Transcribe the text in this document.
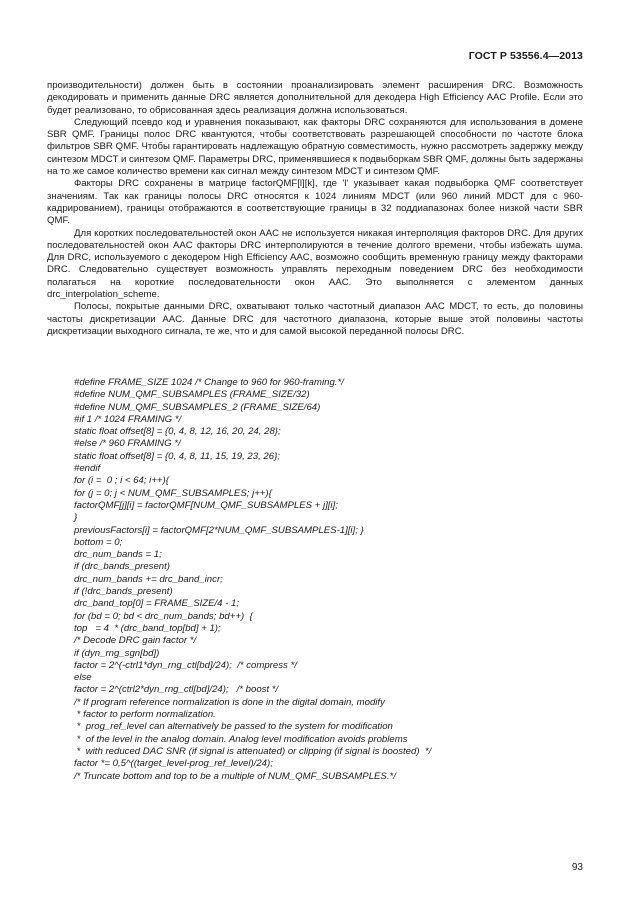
ГОСТ Р 53556.4—2013

производительности) должен быть в состоянии проанализировать элемент расширения DRC. Возможность декодировать и применить данные DRC является дополнительной для декодера High Efficiency AAC Profile. Если это будет реализовано, то обрисованная здесь реализация должна использоваться.

Следующий псевдо код и уравнения показывают, как факторы DRC сохраняются для использования в домене SBR QMF. Границы полос DRC квантуются, чтобы соответствовать разрешающей способности по частоте блока фильтров SBR QMF. Чтобы гарантировать надлежащую обратную совместимость, нужно рассмотреть задержку между синтезом MDCT и синтезом QMF. Параметры DRC, применявшиеся к подвыборкам SBR QMF, должны быть задержаны на то же самое количество времени как сигнал между синтезом MDCT и синтезом QMF.

Факторы DRC сохранены в матрице factorQMF[l][k], где 'l' указывает какая подвыборка QMF соответствует значениям. Так как границы полосы DRC относятся к 1024 линиям MDCT (или 960 линий MDCT для с 960-кадрированием), границы отображаются в соответствующие границы в 32 поддиапазонах более низкой части SBR QMF.

Для коротких последовательностей окон AAC не используется никакая интерполяция факторов DRC. Для других последовательностей окон AAC факторы DRC интерполируются в течение долгого времени, чтобы избежать шума. Для DRC, используемого с декодером High Efficiency AAC, возможно сообщить временную границу между факторами DRC. Следовательно существует возможность управлять переходным поведением DRC без необходимости полагаться на короткие последовательности окон AAC. Это выполняется с элементом данных drc_interpolation_scheme.

Полосы, покрытые данными DRC, охватывают только частотный диапазон AAC MDCT, то есть, до половины частоты дискретизации AAC. Данные DRC для частотного диапазона, которые выше этой половины частоты дискретизации выходного сигнала, те же, что и для самой высокой переданной полосы DRC.

#define FRAME_SIZE 1024 /* Change to 960 for 960-framing.*/
#define NUM_QMF_SUBSAMPLES (FRAME_SIZE/32)
#define NUM_QMF_SUBSAMPLES_2 (FRAME_SIZE/64)
#if 1 /* 1024 FRAMING */
static float offset[8] = {0, 4, 8, 12, 16, 20, 24, 28};
#else /* 960 FRAMING */
static float offset[8] = {0, 4, 8, 11, 15, 19, 23, 26};
#endif
for (i =  0 ; i < 64; i++){
for (j = 0; j < NUM_QMF_SUBSAMPLES; j++){
factorQMF[j][i] = factorQMF[NUM_QMF_SUBSAMPLES + j][i];
}
previousFactors[i] = factorQMF[2*NUM_QMF_SUBSAMPLES-1][i]; }
bottom = 0;
drc_num_bands = 1;
if (drc_bands_present)
drc_num_bands += drc_band_incr;
if (!drc_bands_present)
drc_band_top[0] = FRAME_SIZE/4 - 1;
for (bd = 0; bd < drc_num_bands; bd++)  {
top   = 4  * (drc_band_top[bd] + 1);
/* Decode DRC gain factor */
if (dyn_rng_sgn[bd])
factor = 2^(-ctrl1*dyn_rng_ctl[bd]/24);  /* compress */
else
factor = 2^(ctrl2*dyn_rng_ctl[bd]/24);   /* boost */
/* If program reference normalization is done in the digital domain, modify
* factor to perform normalization.
*  prog_ref_level can alternatively be passed to the system for modification
*  of the level in the analog domain. Analog level modification avoids problems
*  with reduced DAC SNR (if signal is attenuated) or clipping (if signal is boosted)  */
factor *= 0,5^((target_level-prog_ref_level)/24);
/* Truncate bottom and top to be a multiple of NUM_QMF_SUBSAMPLES.*/
93
